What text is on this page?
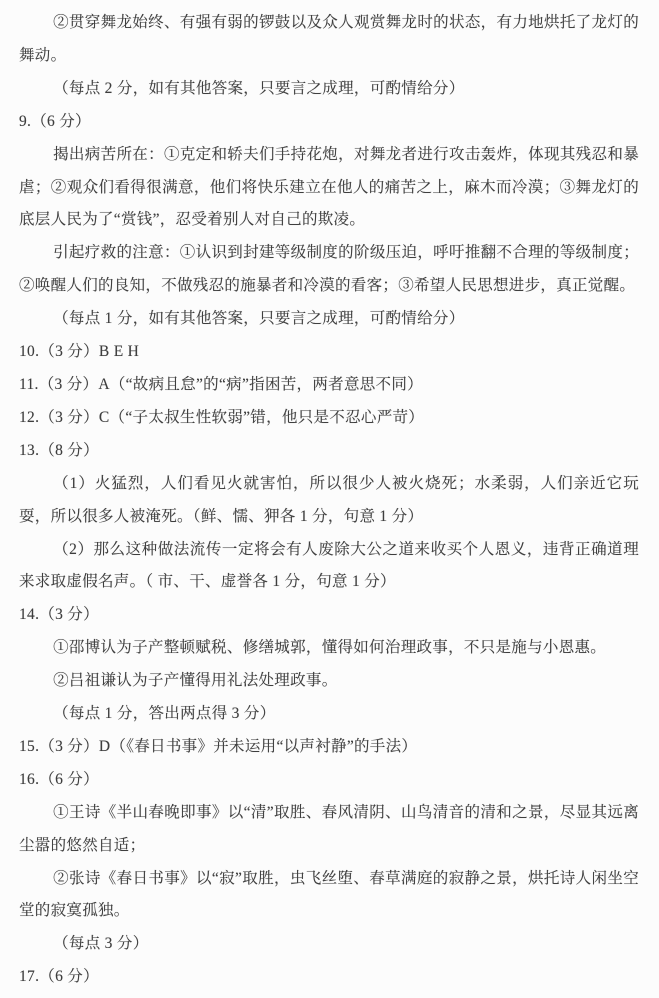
②贯穿舞龙始终、有强有弱的锣鼓以及众人观赏舞龙时的状态，有力地烘托了龙灯的舞动。

（每点 2 分，如有其他答案，只要言之成理，可酌情给分）

9.（6 分）

揭出病苦所在：①克定和轿夫们手持花炮，对舞龙者进行攻击轰炸，体现其残忍和暴虐；②观众们看得很满意，他们将快乐建立在他人的痛苦之上，麻木而冷漠；③舞龙灯的底层人民为了“赏钱”，忍受着别人对自己的欺凌。

引起疗救的注意：①认识到封建等级制度的阶级压迫，呼吁推翻不合理的等级制度；②唤醒人们的良知，不做残忍的施暴者和冷漠的看客；③希望人民思想进步，真正觉醒。

（每点 1 分，如有其他答案，只要言之成理，可酌情给分）

10.（3 分）B E H

11.（3 分）A（“故病且怠”的“病”指困苦，两者意思不同）

12.（3 分）C（“子太叔生性软弱”错，他只是不忍心严苛）

13.（8 分）

（1）火猛烈，人们看见火就害怕，所以很少人被火烧死；水柔弱，人们亲近它玩耍，所以很多人被淹死。（鲜、懦、狎各 1 分，句意 1 分）

（2）那么这种做法流传一定将会有人废除大公之道来收买个人恩义，违背正确道理来求取虚假名声。（ 市、干、虚誉各 1 分，句意 1 分）

14.（3 分）

①邵博认为子产整顿赋税、修缮城郭，懂得如何治理政事，不只是施与小恩惠。

②吕祖谦认为子产懂得用礼法处理政事。

（每点 1 分，答出两点得 3 分）

15.（3 分）D（《春日书事》并未运用“以声衬静”的手法）

16.（6 分）

①王诗《半山春晚即事》以“清”取胜、春风清阴、山鸟清音的清和之景，尽显其远离尘嚣的悠然自适；

②张诗《春日书事》以“寂”取胜，虫飞丝堕、春草满庭的寂静之景，烘托诗人闲坐空堂的寂寞孤独。

（每点 3 分）

17.（6 分）
